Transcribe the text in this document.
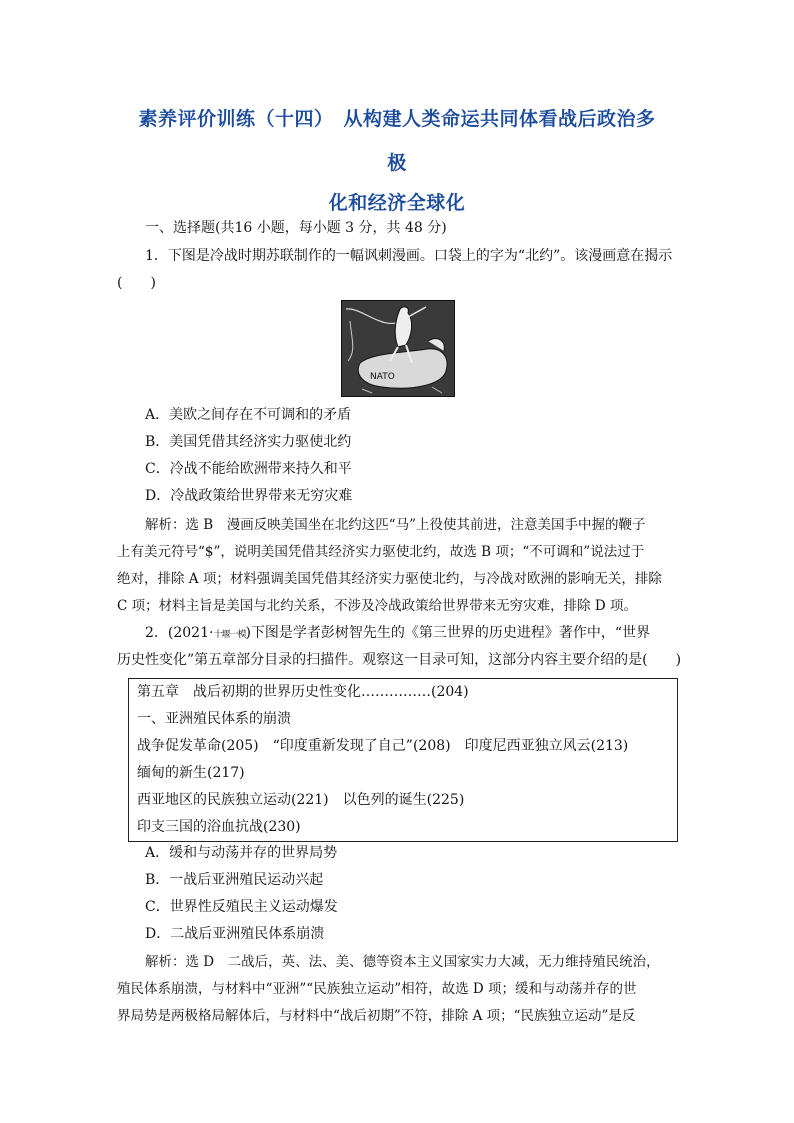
素养评价训练（十四）　从构建人类命运共同体看战后政治多
极
化和经济全球化
一、选择题(共16 小题，每小题 3 分，共 48 分)
1．下图是冷战时期苏联制作的一幅讽刺漫画。口袋上的字为“北约”。该漫画意在揭示
(　　)
NATO
A．美欧之间存在不可调和的矛盾
B．美国凭借其经济实力驱使北约
C．冷战不能给欧洲带来持久和平
D．冷战政策给世界带来无穷灾难
解析：选 B　漫画反映美国坐在北约这匹“马”上役使其前进，注意美国手中握的鞭子
上有美元符号“$”，说明美国凭借其经济实力驱使北约，故选 B 项；“不可调和”说法过于
绝对，排除 A 项；材料强调美国凭借其经济实力驱使北约，与冷战对欧洲的影响无关，排除
C 项；材料主旨是美国与北约关系，不涉及冷战政策给世界带来无穷灾难，排除 D 项。
2．(2021·十堰一模)下图是学者彭树智先生的《第三世界的历史进程》著作中，“世界
历史性变化”第五章部分目录的扫描件。观察这一目录可知，这部分内容主要介绍的是(　　)
第五章　战后初期的世界历史性变化……………(204)
一、亚洲殖民体系的崩溃
战争促发革命(205)　“印度重新发现了自己”(208)　印度尼西亚独立风云(213)
缅甸的新生(217)
西亚地区的民族独立运动(221)　以色列的诞生(225)
印支三国的浴血抗战(230)
A．缓和与动荡并存的世界局势
B．一战后亚洲殖民运动兴起
C．世界性反殖民主义运动爆发
D．二战后亚洲殖民体系崩溃
解析：选 D　二战后，英、法、美、德等资本主义国家实力大减，无力维持殖民统治，
殖民体系崩溃，与材料中“亚洲”“民族独立运动”相符，故选 D 项；缓和与动荡并存的世
界局势是两极格局解体后，与材料中“战后初期”不符，排除 A 项；“民族独立运动”是反
